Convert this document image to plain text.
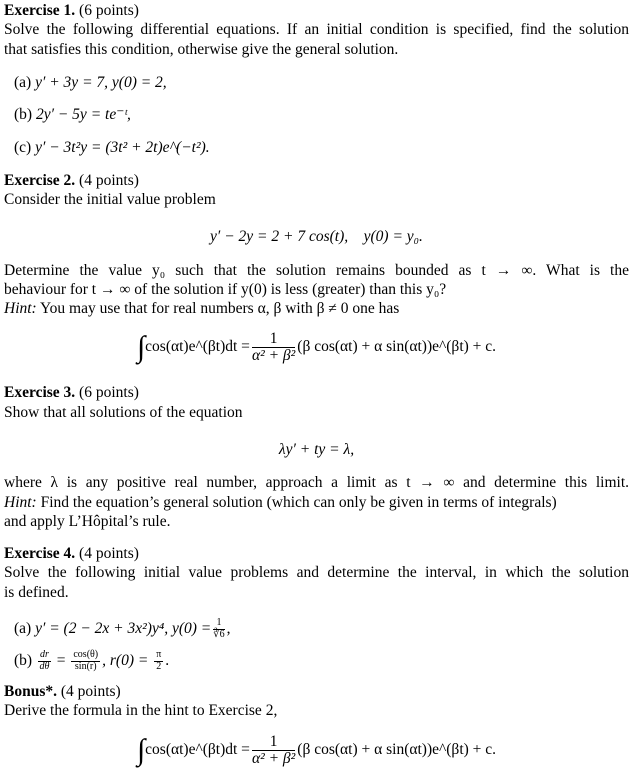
Exercise 1. (6 points)
Solve the following differential equations. If an initial condition is specified, find the solution
that satisfies this condition, otherwise give the general solution.
(a) y′ + 3y = 7, y(0) = 2,
(b) 2y′ − 5y = te⁻ᵗ,
(c) y′ − 3t²y = (3t² + 2t)e^(−t²).
Exercise 2. (4 points)
Consider the initial value problem
y′ − 2y = 2 + 7 cos(t),    y(0) = y₀.
Determine the value y₀ such that the solution remains bounded as t → ∞. What is the
behaviour for t → ∞ of the solution if y(0) is less (greater) than this y₀?
Hint: You may use that for real numbers α, β with β ≠ 0 one has
∫cos(αt)e^(βt)dt = $\frac{1}{\text{α² + β²}} (\beta$ cos(αt) + α sin(αt))e^(βt) + c.
Exercise 3. (6 points)
Show that all solutions of the equation
λy′ + ty = λ,
where λ is any positive real number, approach a limit as t → ∞ and determine this limit.
Hint: Find the equation’s general solution (which can only be given in terms of integrals)
and apply L’Hôpital’s rule.
Exercise 4. (4 points)
Solve the following initial value problems and determine the interval, in which the solution
is defined.
(a) y′ = (2 − 2x + 3x²)y⁴, $y(0) = \frac{1}{∛6}$ ,
$(b) \frac{dr}{d\theta} = \frac{\cos(\theta)}{\sin(r)}$ , $r(0) = \frac{\pi}{2}$ .
Bonus*. (4 points)
Derive the formula in the hint to Exercise 2,
∫cos(αt)e^(βt)dt = $\frac{1}{\text{α² + β²}} (\beta$ cos(αt) + α sin(αt))e^(βt) + c.
